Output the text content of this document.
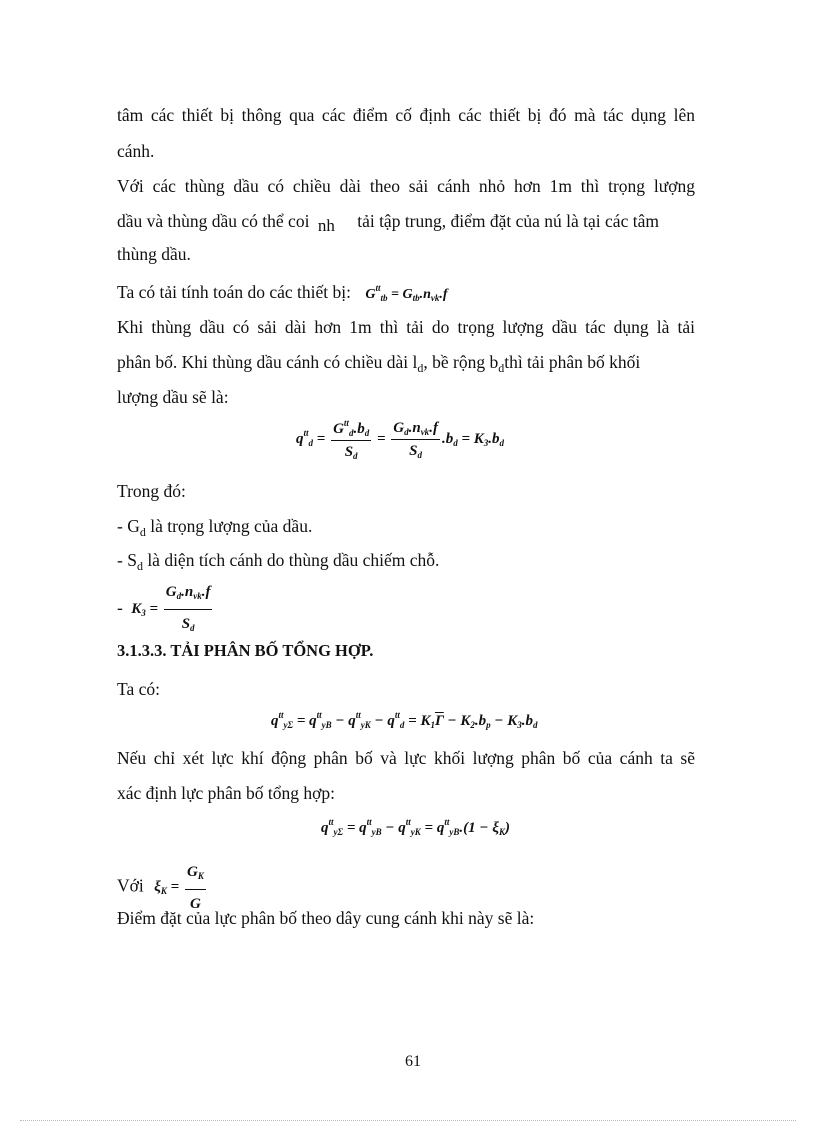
tâm các thiết bị thông qua các điểm cố định các thiết bị đó mà tác dụng lên
cánh.
Với các thùng dầu có chiều dài theo sải cánh nhỏ hơn 1m thì trọng lượng
dầu và thùng dầu có thể coi nh tải tập trung, điểm đặt của nú là tại các tâm
thùng dầu.
Ta có tải tính toán do các thiết bị: $G^{tt}_{tb} = G_{tb}.n_{vk}.f$
Khi thùng dầu có sải dài hơn 1m thì tải do trọng lượng dầu tác dụng là tải
phân bố. Khi thùng dầu cánh có chiều dài $l_d$, bề rộng $b_dthì$ tải phân bố khối
lượng dầu sẽ là:
$q^{tt}_d = \frac{G^{tt}_d.b_d}{S_d} = \frac{G_d.n_{vk}.f}{S_d} .b_d = K_3.b_d$
Trong đó:
- $G_d$ là trọng lượng của dầu.
- $S_d$ là diện tích cánh do thùng dầu chiếm chỗ.
- $K_3 = \frac{G_d.n_{vk}.f}{S_d}$
3.1.3.3. TẢI PHÂN BỐ TỔNG HỢP.
Ta có:
$q^{tt}_{y\Sigma} = q^{tt}_{yB} - q^{tt}_{yK} - q^{tt}_d = K_1\overline{\Gamma} - K_2.b_p - K_3.b_d$
Nếu chỉ xét lực khí động phân bố và lực khối lượng phân bố của cánh ta sẽ
xác định lực phân bố tổng hợp:
$q^{tt}_{y\Sigma} = q^{tt}_{yB} - q^{tt}_{yK} = q^{tt}_{yB}.(1 - \xi_K)$
Với $\xi_K = \frac{G_K}{G}$
Điểm đặt của lực phân bố theo dây cung cánh khi này sẽ là:
61
